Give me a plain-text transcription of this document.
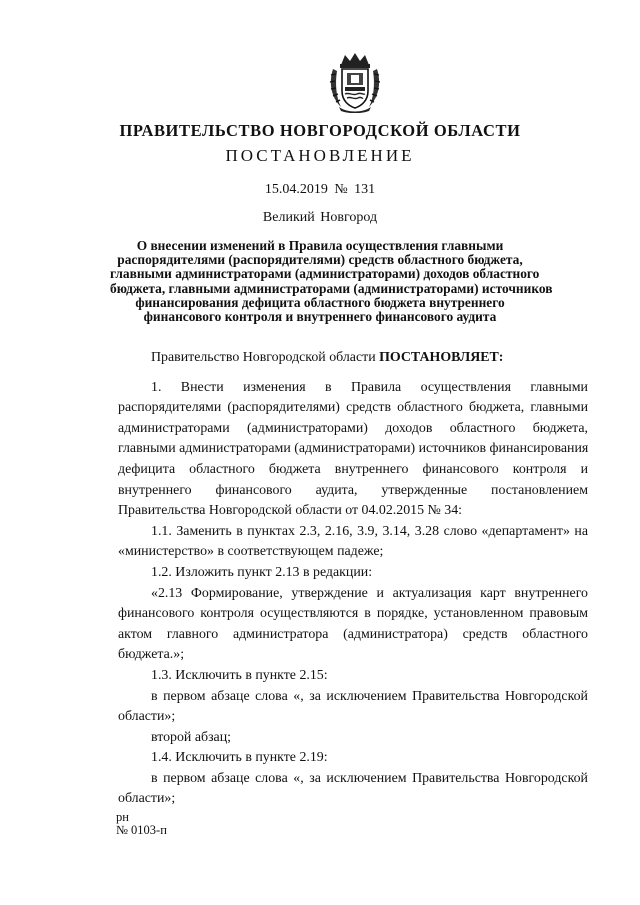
ПРАВИТЕЛЬСТВО НОВГОРОДСКОЙ ОБЛАСТИ
ПОСТАНОВЛЕНИЕ
15.04.2019 № 131
Великий Новгород
О внесении изменений в Правила осуществления главными
распорядителями (распорядителями) средств областного бюджета,
главными администраторами (администраторами) доходов областного
бюджета, главными администраторами (администраторами) источников
финансирования дефицита областного бюджета внутреннего
финансового контроля и внутреннего финансового аудита
Правительство Новгородской области ПОСТАНОВЛЯЕТ:
1. Внести изменения в Правила осуществления главными
распорядителями (распорядителями) средств областного бюджета, главными
администраторами (администраторами) доходов областного бюджета,
главными администраторами (администраторами) источников финансирования
дефицита областного бюджета внутреннего финансового контроля и
внутреннего финансового аудита, утвержденные постановлением
Правительства Новгородской области от 04.02.2015 № 34:
1.1. Заменить в пунктах 2.3, 2.16, 3.9, 3.14, 3.28 слово «департамент» на
«министерство» в соответствующем падеже;
1.2. Изложить пункт 2.13 в редакции:
«2.13 Формирование, утверждение и актуализация карт внутреннего
финансового контроля осуществляются в порядке, установленном правовым
актом главного администратора (администратора) средств областного
бюджета.»;
1.3. Исключить в пункте 2.15:
в первом абзаце слова «, за исключением Правительства Новгородской
области»;
второй абзац;
1.4. Исключить в пункте 2.19:
в первом абзаце слова «, за исключением Правительства Новгородской
области»;
рн
№ 0103-п
